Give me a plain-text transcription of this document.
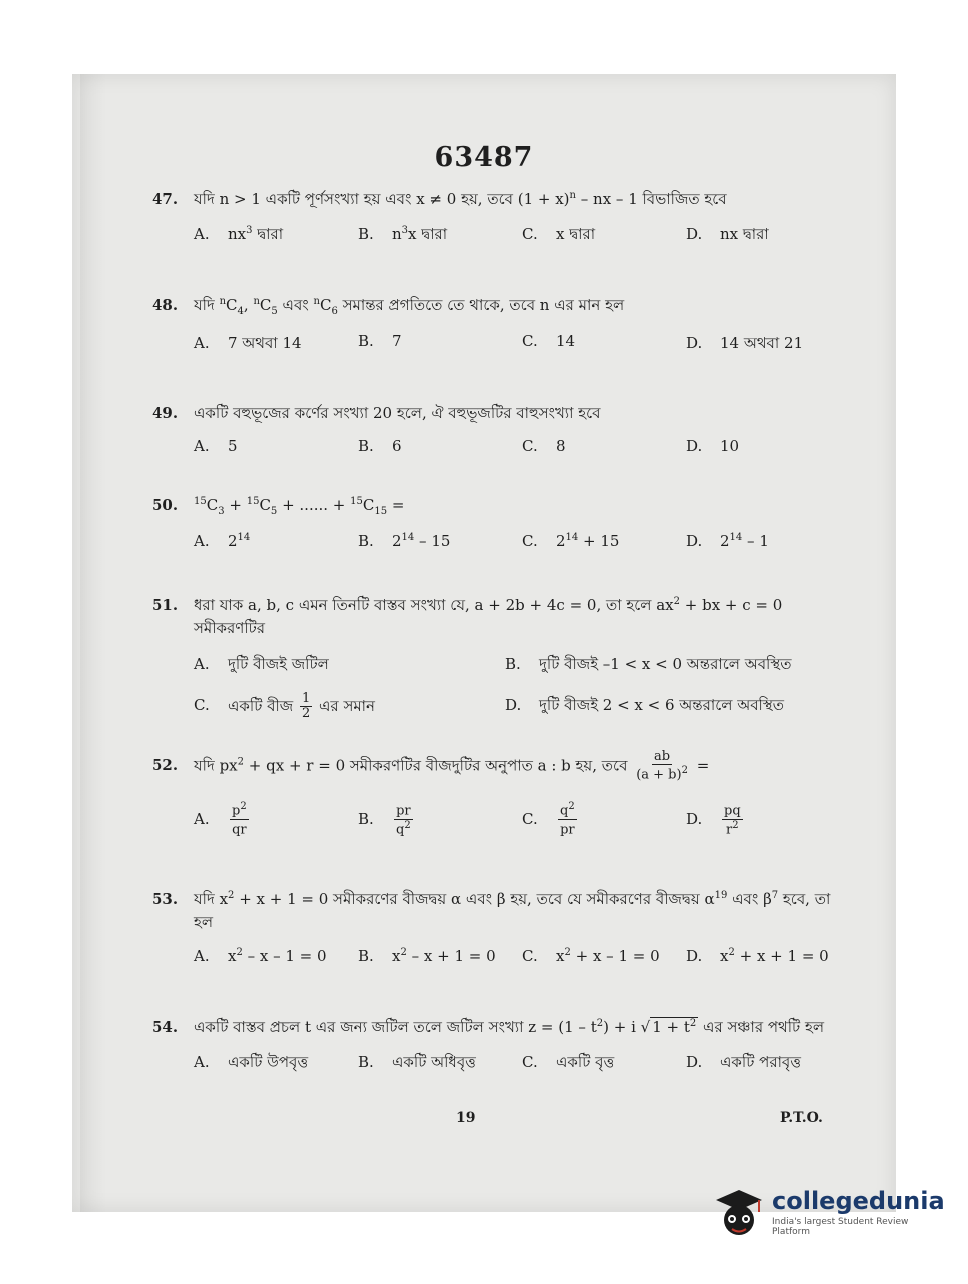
63487
47.	যদি n > 1 একটি পূর্ণসংখ্যা হয় এবং x ≠ 0 হয়, তবে $(1 + x)^n$ – nx – 1 বিভাজিত হবে
A.	$nx^3$ দ্বারা	B.	$n^3x$ দ্বারা	C.	x দ্বারা	D.	nx দ্বারা
48.	যদি $^nC_4$, $^nC_5$ এবং $^nC_6$ সমান্তর প্রগতিতে তে থাকে, তবে n এর মান হল
A.	7 অথবা 14	B.	7	C.	14	D.	14 অথবা 21
49.	একটি বহুভূজের কর্ণের সংখ্যা 20 হলে, ঐ বহুভূজটির বাহুসংখ্যা হবে
A.	5	B.	6	C.	8	D.	10
50.	$^{15}C_3 + ^{15}C_5$ + ...... + $^{15}C_{15}$ =
A.	$2^{14}$	B.	$2^{14} - 15$	C.	$2^{14} + 15$	D.	$2^{14} - 1$
51.	ধরা যাক a, b, c এমন তিনটি বাস্তব সংখ্যা যে, a + 2b + 4c = 0, তা হলে $ax^2$ + bx + c = 0 সমীকরণটির
A.	দুটি বীজই জটিল	B.	দুটি বীজই –1 < x < 0 অন্তরালে অবস্থিত

C.	একটি বীজ $\frac{1}{2}$ এর সমান	D.	দুটি বীজই 2 < x < 6 অন্তরালে অবস্থিত
52.	যদি $px^2$ + qx + r = 0 সমীকরণটির বীজদুটির অনুপাত a : b হয়, তবে $\frac{ab}{(a + b)^2}$ =
A.	$\frac{p^2}{qr}$	B.	$\frac{pr}{q^2}$	C.	$\frac{q^2}{pr}$	D.	$\frac{pq}{r^2}$
53.	যদি $x^2 + x + 1 = 0$ সমীকরণের বীজদ্বয় α এবং β হয়, তবে যে সমীকরণের বীজদ্বয় $\alpha^{19}$ এবং $\beta^7$ হবে, তা হল
A.	$x^2 - x - 1 = 0$ B.	$x^2 - x + 1 = 0$ C.	$x^2 + x - 1 = 0$ D.	$x^2 + x + 1 = 0$
54.	একটি বাস্তব প্রচল t এর জন্য জটিল তলে জটিল সংখ্যা $z = (1 - t^2) + i$ √ $1 + t^2$ এর সঞ্চার পথটি হল
A.	একটি উপবৃত্ত	B.	একটি অধিবৃত্ত	C.	একটি বৃত্ত	D.	একটি পরাবৃত্ত
19	P.T.O.
collegedunia
India's largest Student Review Platform
